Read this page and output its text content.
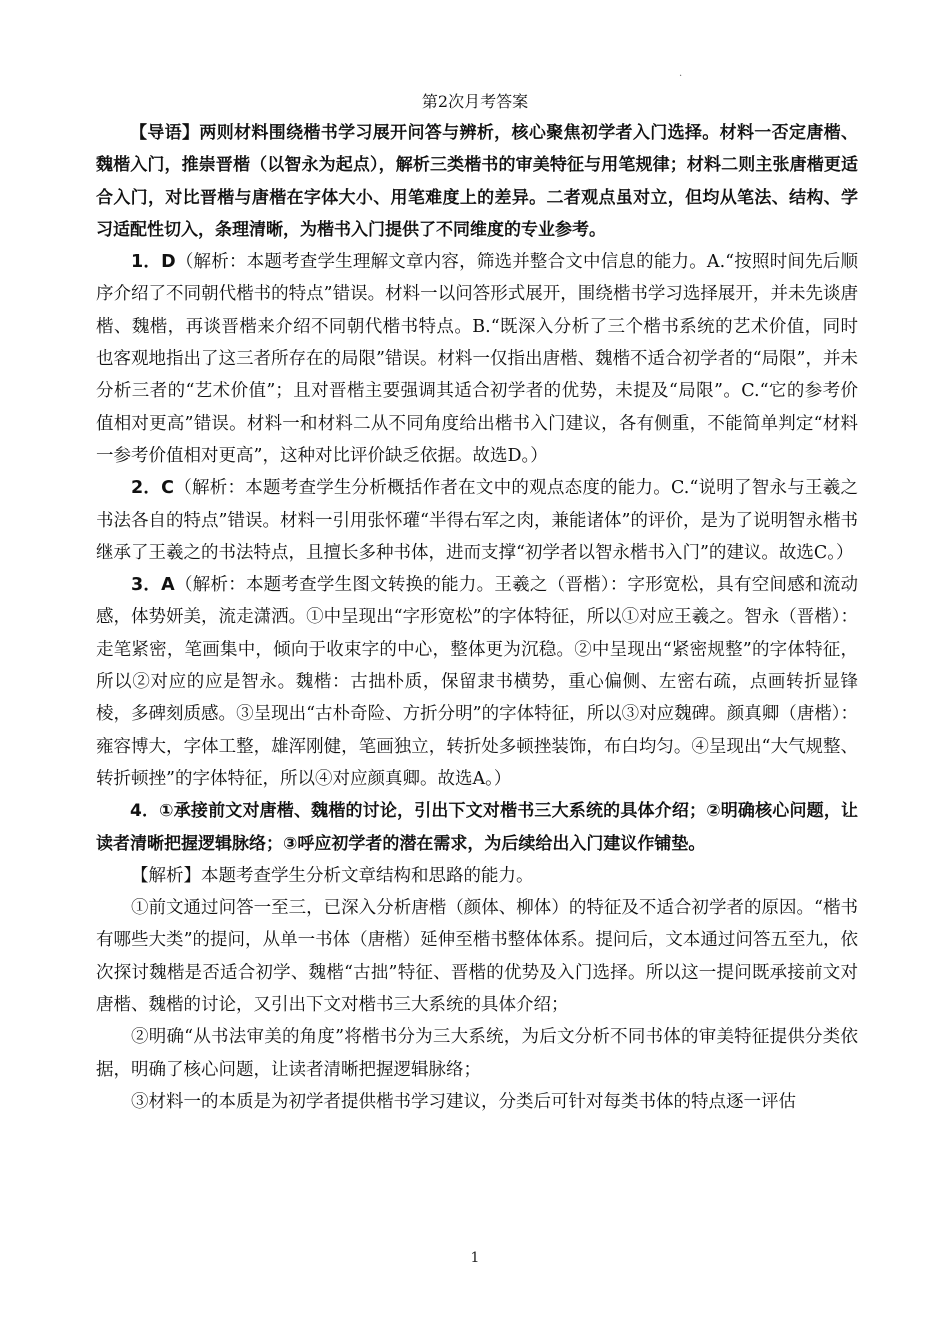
.
第2次月考答案

【导语】两则材料围绕楷书学习展开问答与辨析，核心聚焦初学者入门选择。材料一否定唐楷、魏楷入门，推崇晋楷（以智永为起点），解析三类楷书的审美特征与用笔规律；材料二则主张唐楷更适合入门，对比晋楷与唐楷在字体大小、用笔难度上的差异。二者观点虽对立，但均从笔法、结构、学习适配性切入，条理清晰，为楷书入门提供了不同维度的专业参考。

1．D（解析：本题考查学生理解文章内容，筛选并整合文中信息的能力。A.“按照时间先后顺序介绍了不同朝代楷书的特点”错误。材料一以问答形式展开，围绕楷书学习选择展开，并未先谈唐楷、魏楷，再谈晋楷来介绍不同朝代楷书特点。B.“既深入分析了三个楷书系统的艺术价值，同时也客观地指出了这三者所存在的局限”错误。材料一仅指出唐楷、魏楷不适合初学者的“局限”，并未分析三者的“艺术价值”；且对晋楷主要强调其适合初学者的优势，未提及“局限”。C.“它的参考价值相对更高”错误。材料一和材料二从不同角度给出楷书入门建议，各有侧重，不能简单判定“材料一参考价值相对更高”，这种对比评价缺乏依据。故选D。）

2．C（解析：本题考查学生分析概括作者在文中的观点态度的能力。C.“说明了智永与王羲之书法各自的特点”错误。材料一引用张怀瓘“半得右军之肉，兼能诸体”的评价，是为了说明智永楷书继承了王羲之的书法特点，且擅长多种书体，进而支撑“初学者以智永楷书入门”的建议。故选C。）

3．A（解析：本题考查学生图文转换的能力。王羲之（晋楷）：字形宽松，具有空间感和流动感，体势妍美，流走潇洒。①中呈现出“字形宽松”的字体特征，所以①对应王羲之。智永（晋楷）：走笔紧密，笔画集中，倾向于收束字的中心，整体更为沉稳。②中呈现出“紧密规整”的字体特征，所以②对应的应是智永。魏楷：古拙朴质，保留隶书横势，重心偏侧、左密右疏，点画转折显锋棱，多碑刻质感。③呈现出“古朴奇险、方折分明”的字体特征，所以③对应魏碑。颜真卿（唐楷）：雍容博大，字体工整，雄浑刚健，笔画独立，转折处多顿挫装饰，布白均匀。④呈现出“大气规整、转折顿挫”的字体特征，所以④对应颜真卿。故选A。）

4．①承接前文对唐楷、魏楷的讨论，引出下文对楷书三大系统的具体介绍；②明确核心问题，让读者清晰把握逻辑脉络；③呼应初学者的潜在需求，为后续给出入门建议作铺垫。

【解析】本题考查学生分析文章结构和思路的能力。

①前文通过问答一至三，已深入分析唐楷（颜体、柳体）的特征及不适合初学者的原因。“楷书有哪些大类”的提问，从单一书体（唐楷）延伸至楷书整体体系。提问后，文本通过问答五至九，依次探讨魏楷是否适合初学、魏楷“古拙”特征、晋楷的优势及入门选择。所以这一提问既承接前文对唐楷、魏楷的讨论，又引出下文对楷书三大系统的具体介绍；

②明确“从书法审美的角度”将楷书分为三大系统，为后文分析不同书体的审美特征提供分类依据，明确了核心问题，让读者清晰把握逻辑脉络；

③材料一的本质是为初学者提供楷书学习建议，分类后可针对每类书体的特点逐一评估

1
